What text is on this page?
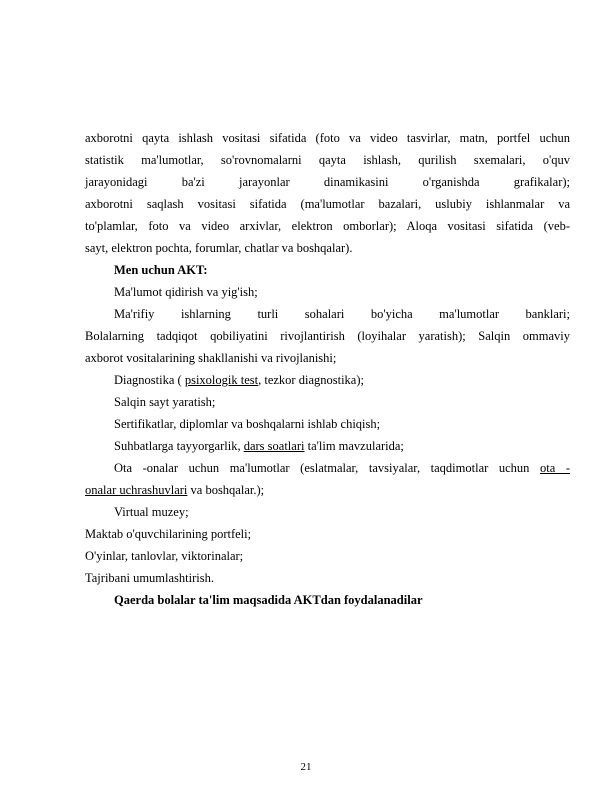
axborotni qayta ishlash vositasi sifatida (foto va video tasvirlar, matn, portfel uchun
statistik ma'lumotlar, so'rovnomalarni qayta ishlash, qurilish sxemalari, o'quv
jarayonidagi ba'zi jarayonlar dinamikasini o'rganishda grafikalar);
axborotni saqlash vositasi sifatida (ma'lumotlar bazalari, uslubiy ishlanmalar va
to'plamlar, foto va video arxivlar, elektron omborlar); Aloqa vositasi sifatida (veb-
sayt, elektron pochta, forumlar, chatlar va boshqalar).
Men uchun AKT:
Ma'lumot qidirish va yig'ish;
Ma'rifiy ishlarning turli sohalari bo'yicha ma'lumotlar banklari;
Bolalarning tadqiqot qobiliyatini rivojlantirish (loyihalar yaratish); Salqin ommaviy
axborot vositalarining shakllanishi va rivojlanishi;
Diagnostika ( psixologik test, tezkor diagnostika);
Salqin sayt yaratish;
Sertifikatlar, diplomlar va boshqalarni ishlab chiqish;
Suhbatlarga tayyorgarlik, dars soatlari ta'lim mavzularida;
Ota -onalar uchun ma'lumotlar (eslatmalar, tavsiyalar, taqdimotlar uchun ota -
onalar uchrashuvlari va boshqalar.);
Virtual muzey;
Maktab o'quvchilarining portfeli;
O'yinlar, tanlovlar, viktorinalar;
Tajribani umumlashtirish.
Qaerda bolalar ta'lim maqsadida AKTdan foydalanadilar
21
